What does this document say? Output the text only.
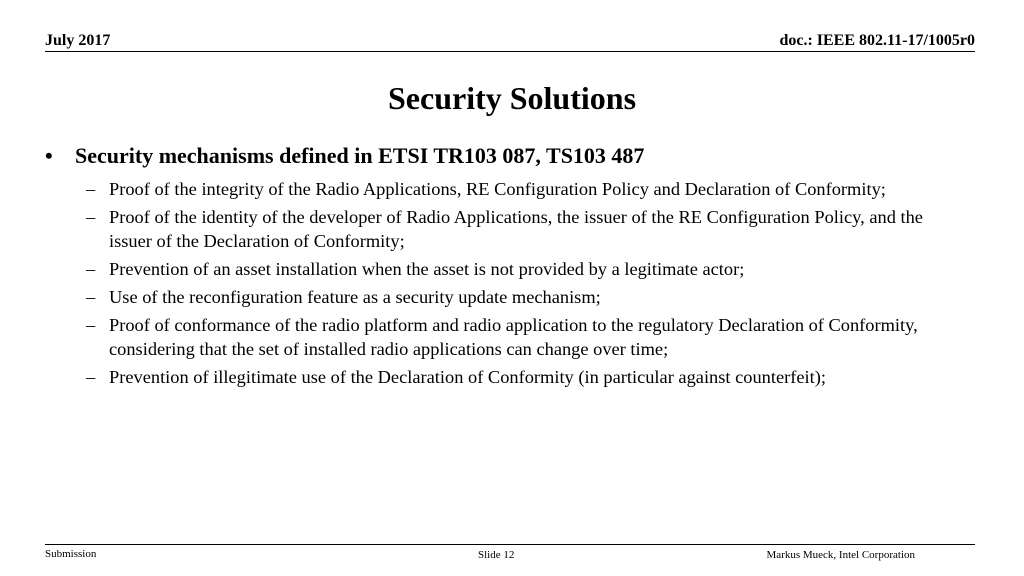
July 2017	doc.: IEEE 802.11-17/1005r0
Security Solutions
•	Security mechanisms defined in ETSI TR103 087, TS103 487
– Proof of the integrity of the Radio Applications, RE Configuration Policy and Declaration of Conformity;
– Proof of the identity of the developer of Radio Applications, the issuer of the RE Configuration Policy, and the issuer of the Declaration of Conformity;
– Prevention of an asset installation when the asset is not provided by a legitimate actor;
– Use of the reconfiguration feature as a security update mechanism;
– Proof of conformance of the radio platform and radio application to the regulatory Declaration of Conformity, considering that the set of installed radio applications can change over time;
– Prevention of illegitimate use of the Declaration of Conformity (in particular against counterfeit);
Submission	Slide 12	Markus Mueck, Intel Corporation
